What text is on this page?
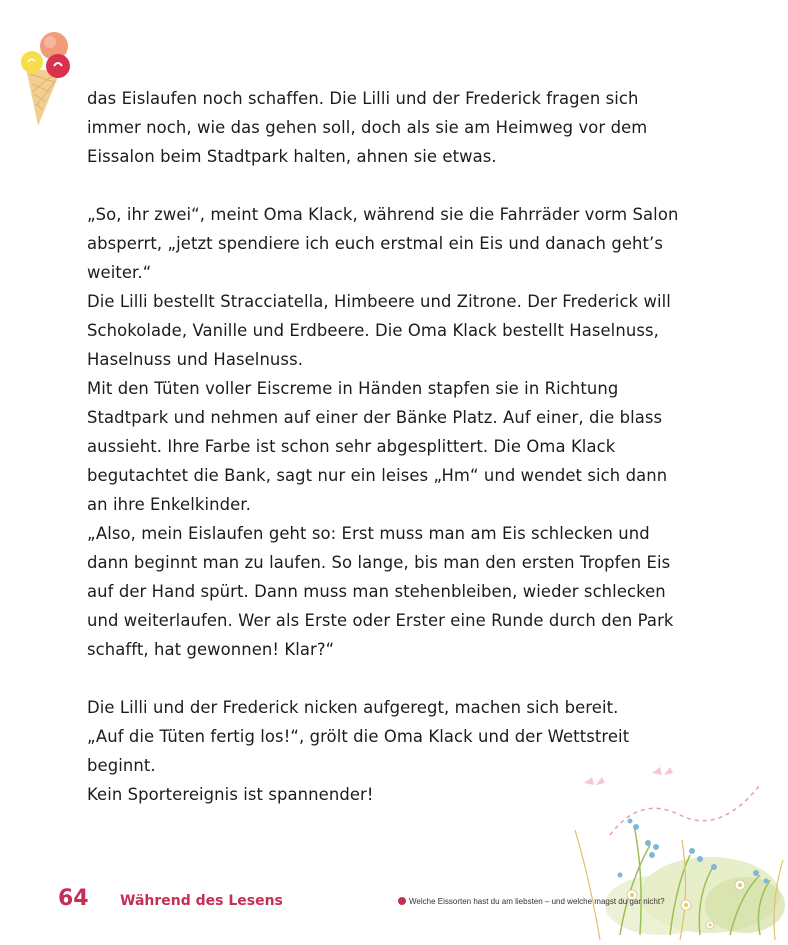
das Eislaufen noch schaffen. Die Lilli und der Frederick fragen sich
immer noch, wie das gehen soll, doch als sie am Heimweg vor dem
Eissalon beim Stadtpark halten, ahnen sie etwas.
„So, ihr zwei“, meint Oma Klack, während sie die Fahrräder vorm Salon
absperrt, „jetzt spendiere ich euch erstmal ein Eis und danach geht’s
weiter.“
Die Lilli bestellt Stracciatella, Himbeere und Zitrone. Der Frederick will
Schokolade, Vanille und Erdbeere. Die Oma Klack bestellt Haselnuss,
Haselnuss und Haselnuss.
Mit den Tüten voller Eiscreme in Händen stapfen sie in Richtung
Stadtpark und nehmen auf einer der Bänke Platz. Auf einer, die blass
aussieht. Ihre Farbe ist schon sehr abgesplittert. Die Oma Klack
begutachtet die Bank, sagt nur ein leises „Hm“ und wendet sich dann
an ihre Enkelkinder.
„Also, mein Eislaufen geht so: Erst muss man am Eis schlecken und
dann beginnt man zu laufen. So lange, bis man den ersten Tropfen Eis
auf der Hand spürt. Dann muss man stehenbleiben, wieder schlecken
und weiterlaufen. Wer als Erste oder Erster eine Runde durch den Park
schafft, hat gewonnen! Klar?“
Die Lilli und der Frederick nicken aufgeregt, machen sich bereit.
„Auf die Tüten fertig los!“, grölt die Oma Klack und der Wettstreit
beginnt.
Kein Sportereignis ist spannender!
64 Während des Lesens	Welche Eissorten hast du am liebsten – und welche magst du gar nicht?
